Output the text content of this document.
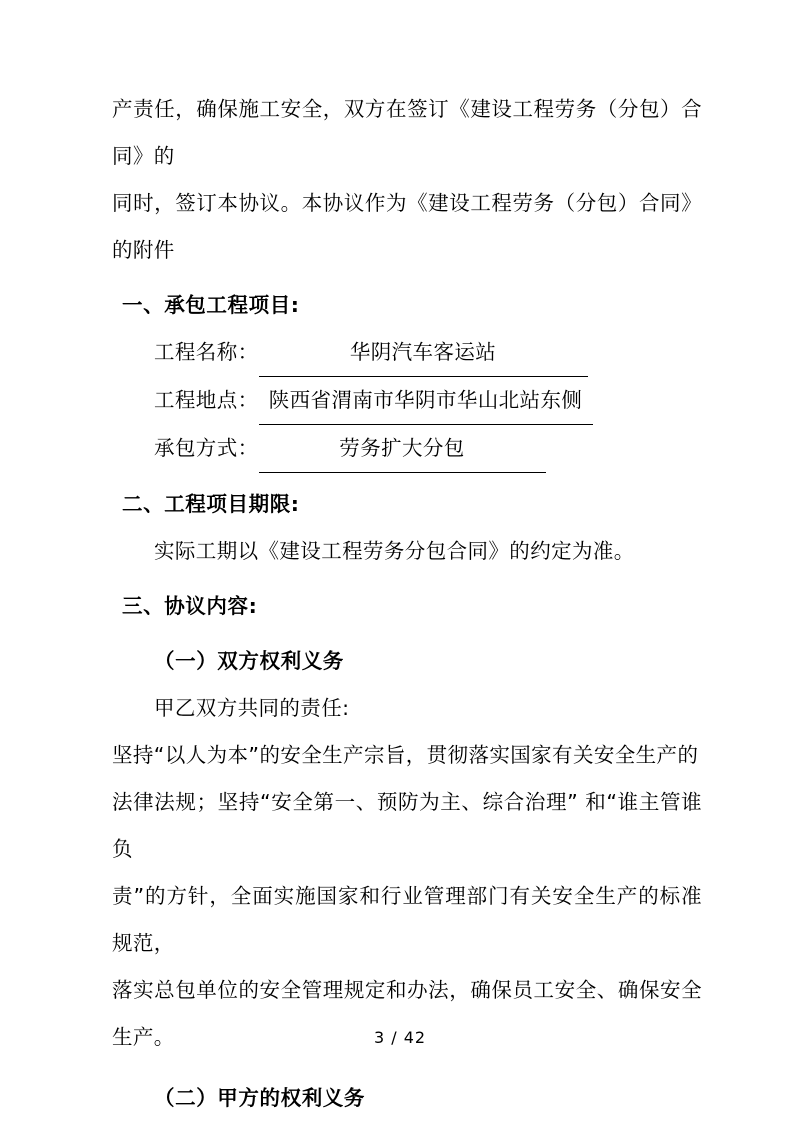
产责任，确保施工安全，双方在签订《建设工程劳务（分包）合同》的

同时，签订本协议。本协议作为《建设工程劳务（分包）合同》的附件

一、承包工程项目:

工程名称：	华阴汽车客运站

工程地点： 陕西省渭南市华阴市华山北站东侧

承包方式：	劳务扩大分包

二、工程项目期限:

实际工期以《建设工程劳务分包合同》的约定为准。

三、协议内容:

（一）双方权利义务

甲乙双方共同的责任:

坚持“以人为本”的安全生产宗旨，贯彻落实国家有关安全生产的

法律法规；坚持“安全第一、预防为主、综合治理” 和“谁主管谁负

责”的方针，全面实施国家和行业管理部门有关安全生产的标准规范，

落实总包单位的安全管理规定和办法，确保员工安全、确保安全生产。

（二）甲方的权利义务

3 / 42
